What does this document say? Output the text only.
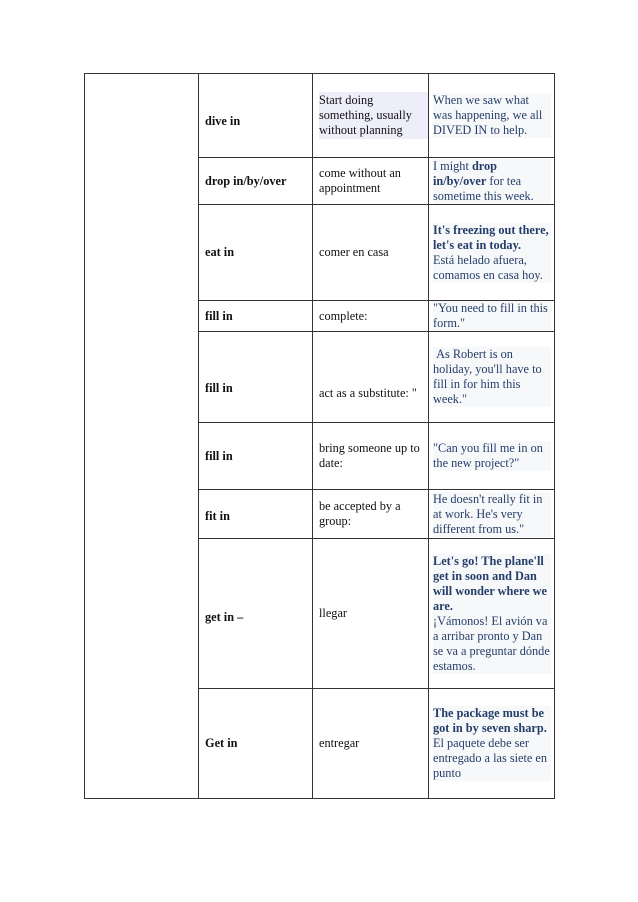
	dive in	Start doing something, usually without planning	When we saw what was happening, we all DIVED IN to help.

	drop in/by/over	come without an appointment	I might drop in/by/over for tea sometime this week.

	eat in	comer en casa	It's freezing out there, let's eat in today.
Está helado afuera, comamos en casa hoy.

	fill in	complete:	"You need to fill in this form."

	fill in	act as a substitute: "	As Robert is on holiday, you'll have to fill in for him this week."

	fill in	bring someone up to date:	"Can you fill me in on the new project?"

	fit in	be accepted by a group:	He doesn't really fit in at work. He's very different from us."

	get in –	llegar	Let's go! The plane'll get in soon and Dan will wonder where we are.
¡Vámonos! El avión va a arribar pronto y Dan se va a preguntar dónde estamos.

	Get in	entregar	The package must be got in by seven sharp.
El paquete debe ser entregado a las siete en punto
